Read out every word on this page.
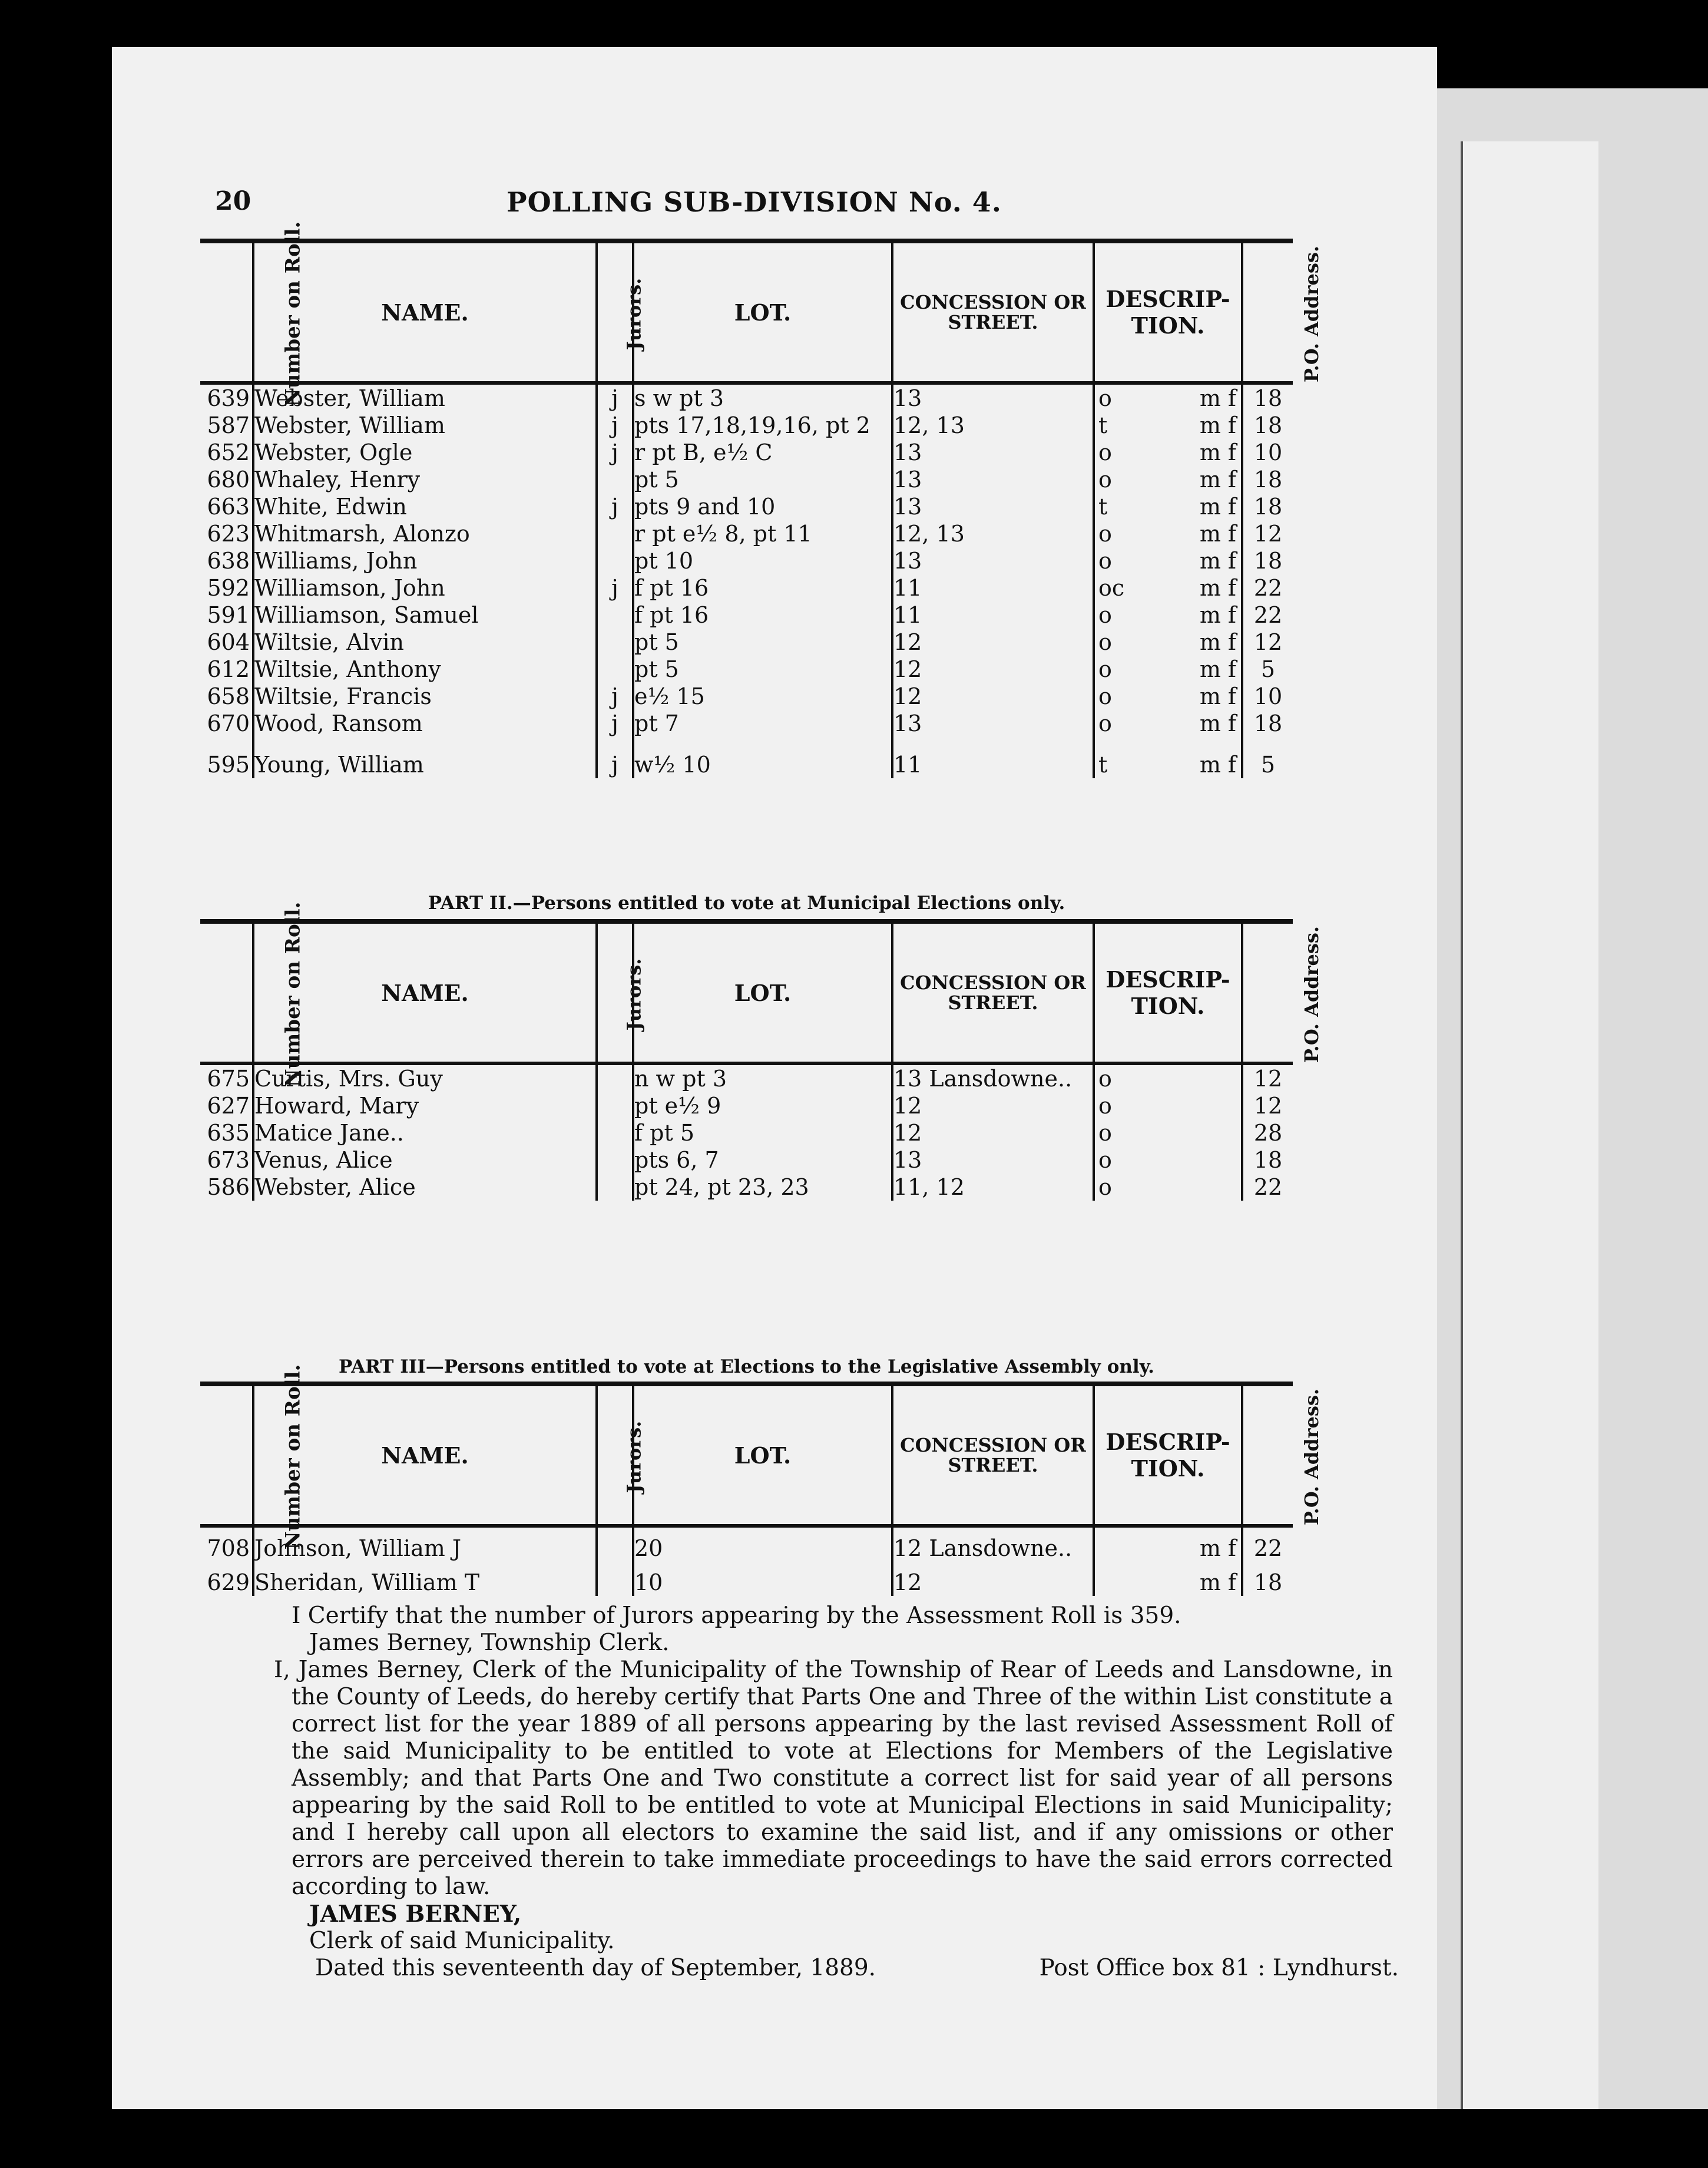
20	POLLING SUB-DIVISION No. 4.
Number on Roll.	NAME.	Jurors.	LOT.	CONCESSION OR STREET.	DESCRIP-TION.	P.O. Address.
639	Webster, William	j	s w pt 3	13	o m f	18
587	Webster, William	j	pts 17,18,19,16, pt 2	12, 13	t m f	18
652	Webster, Ogle	j	r pt B, e½ C	13	o m f	10
680	Whaley, Henry		pt 5	13	o m f	18
663	White, Edwin	j	pts 9 and 10	13	t m f	18
623	Whitmarsh, Alonzo		r pt e½ 8, pt 11	12, 13	o m f	12
638	Williams, John		pt 10	13	o m f	18
592	Williamson, John	j	f pt 16	11	oc m f	22
591	Williamson, Samuel		f pt 16	11	o m f	22
604	Wiltsie, Alvin		pt 5	12	o m f	12
612	Wiltsie, Anthony		pt 5	12	o m f	5
658	Wiltsie, Francis	j	e½ 15	12	o m f	10
670	Wood, Ransom	j	pt 7	13	o m f	18
595	Young, William	j	w½ 10	11	t m f	5
PART II.—Persons entitled to vote at Municipal Elections only.
Number on Roll.	NAME.	Jurors.	LOT.	CONCESSION OR STREET.	DESCRIP-TION.	P.O. Address.
675	Curtis, Mrs. Guy		n w pt 3	13 Lansdowne..	o	12
627	Howard, Mary		pt e½ 9	12	o	12
635	Matice Jane..		f pt 5	12	o	28
673	Venus, Alice		pts 6, 7	13	o	18
586	Webster, Alice		pt 24, pt 23, 23	11, 12	o	22
PART III—Persons entitled to vote at Elections to the Legislative Assembly only.
Number on Roll.	NAME.	Jurors.	LOT.	CONCESSION OR STREET.	DESCRIP-TION.	P.O. Address.
708	Johnson, William J		20	12 Lansdowne..	m f	22
629	Sheridan, William T		10	12	m f	18

I Certify that the number of Jurors appearing by the Assessment Roll is 359.

James Berney, Township Clerk.

I, James Berney, Clerk of the Municipality of the Township of Rear of Leeds and Lansdowne, in the County of Leeds, do hereby certify that Parts One and Three of the within List constitute a correct list for the year 1889 of all persons appearing by the last revised Assessment Roll of the said Municipality to be entitled to vote at Elections for Members of the Legislative Assembly; and that Parts One and Two constitute a correct list for said year of all persons appearing by the said Roll to be entitled to vote at Municipal Elections in said Municipality; and I hereby call upon all electors to examine the said list, and if any omissions or other errors are perceived therein to take immediate proceedings to have the said errors corrected according to law.

JAMES BERNEY,

Clerk of said Municipality.

Dated this seventeenth day of September, 1889.	Post Office box 81 : Lyndhurst.
